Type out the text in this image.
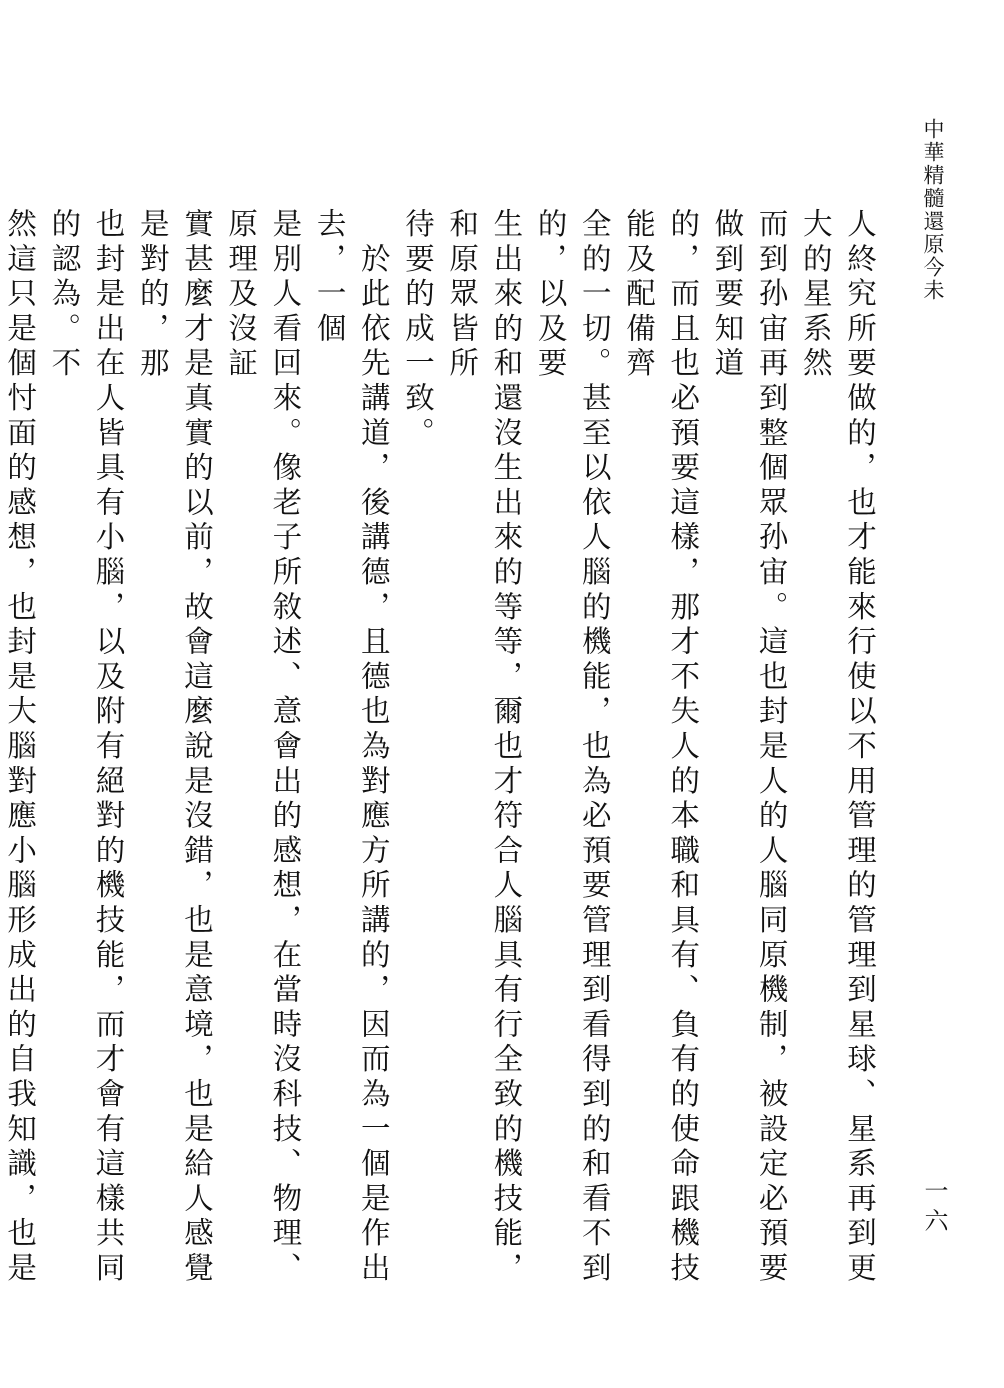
中華精髓還原今未
一六
人終究所要做的，也才能來行使以不用管理的管理到星球、星系再到更大的星系然
而到孙宙再到整個眾孙宙。這也封是人的人腦同原機制，被設定必預要做到要知道
的，而且也必預要這樣，那才不失人的本職和具有、負有的使命跟機技能及配備齊
全的一切。甚至以依人腦的機能，也為必預要管理到看得到的和看不到的，以及要
生出來的和還沒生出來的等等，爾也才符合人腦具有行全致的機技能，和原眾皆所
待要的成一致。
　於此依先講道，後講德，且德也為對應方所講的，因而為一個是作出去，一個
是別人看回來。像老子所敘述、意會出的感想，在當時沒科技、物理、原理及沒証
實甚麼才是真實的以前，故會這麼說是沒錯，也是意境，也是給人感覺是對的，那
也封是出在人皆具有小腦，以及附有絕對的機技能，而才會有這樣共同的認為。不
然這只是個忖面的感想，也封是大腦對應小腦形成出的自我知識，也是
